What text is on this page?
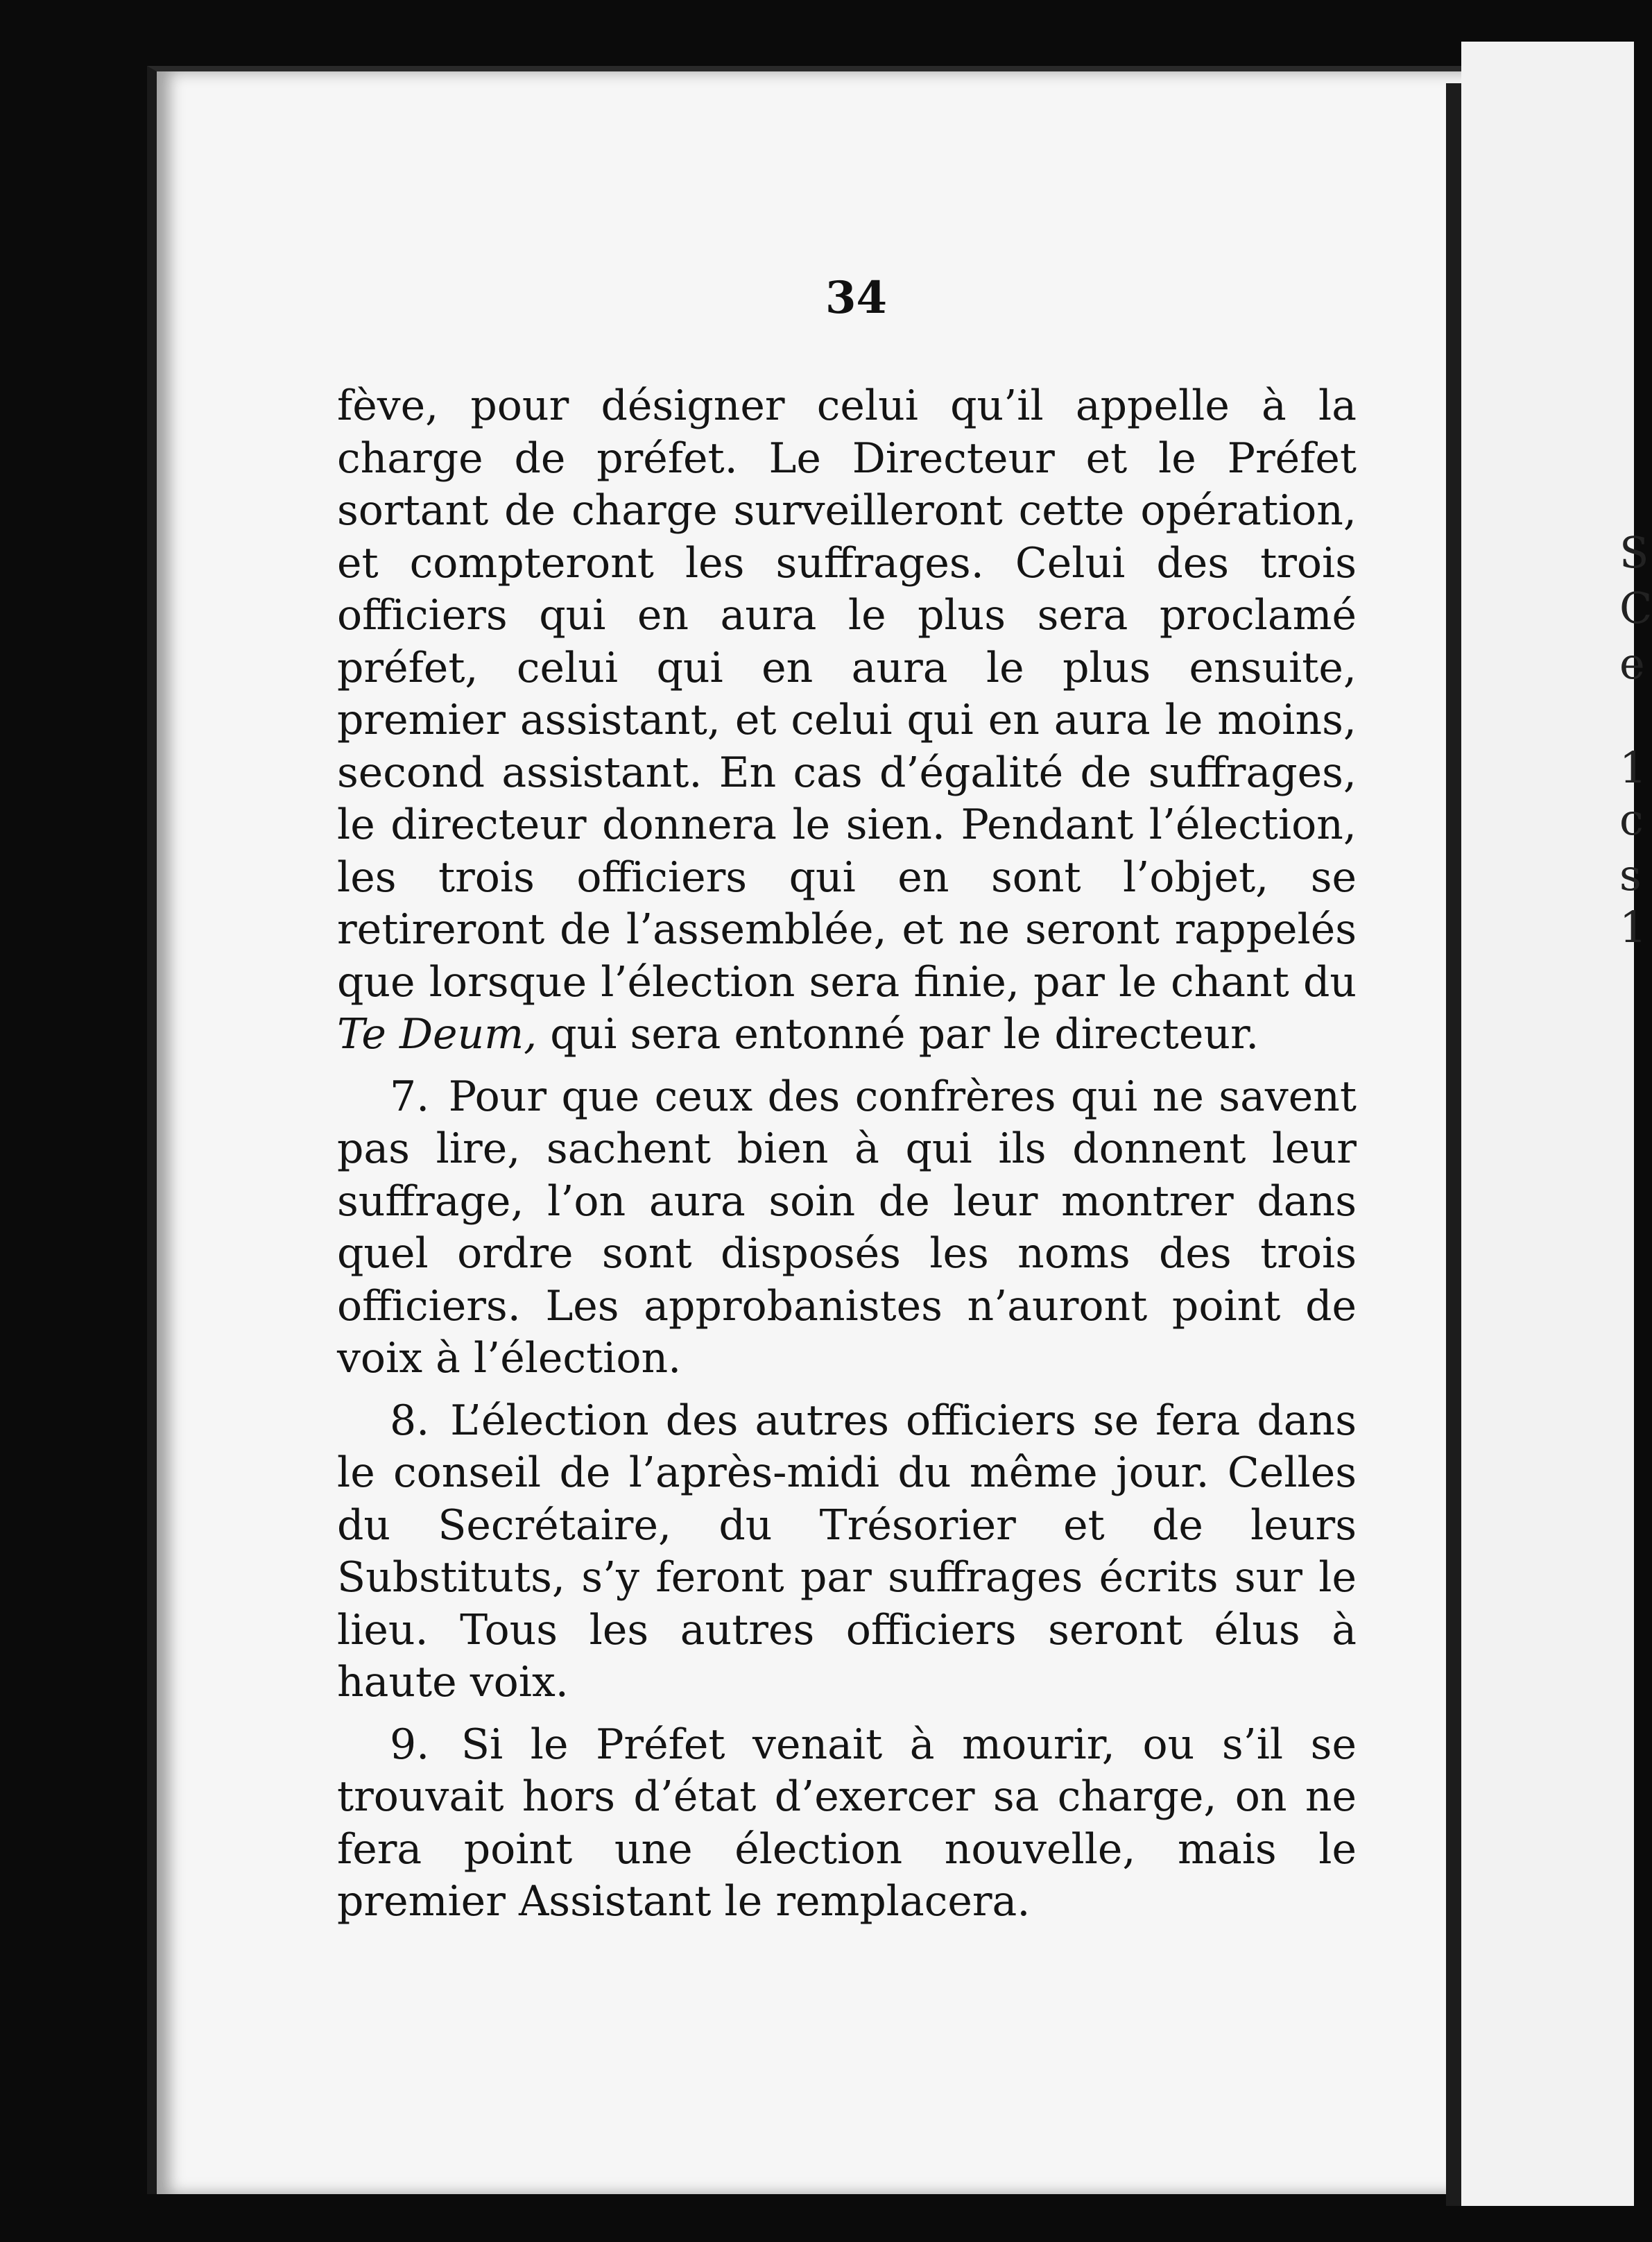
S
C
e
1
c
s
1
34

fève, pour désigner celui qu’il appelle à la charge de préfet. Le Directeur et le Préfet sortant de charge surveilleront cette opération, et compteront les suffrages. Celui des trois officiers qui en aura le plus sera proclamé préfet, celui qui en aura le plus ensuite, premier assistant, et celui qui en aura le moins, second assistant. En cas d’égalité de suffrages, le directeur donnera le sien. Pendant l’élection, les trois officiers qui en sont l’objet, se retireront de l’assemblée, et ne seront rappelés que lorsque l’élection sera finie, par le chant du Te Deum, qui sera entonné par le directeur.

7. Pour que ceux des confrères qui ne savent pas lire, sachent bien à qui ils donnent leur suffrage, l’on aura soin de leur montrer dans quel ordre sont disposés les noms des trois officiers. Les approbanistes n’auront point de voix à l’élection.

8. L’élection des autres officiers se fera dans le conseil de l’après-midi du même jour. Celles du Secrétaire, du Trésorier et de leurs Substituts, s’y feront par suffrages écrits sur le lieu. Tous les autres officiers seront élus à haute voix.

9. Si le Préfet venait à mourir, ou s’il se trouvait hors d’état d’exercer sa charge, on ne fera point une élection nouvelle, mais le premier Assistant le remplacera.
